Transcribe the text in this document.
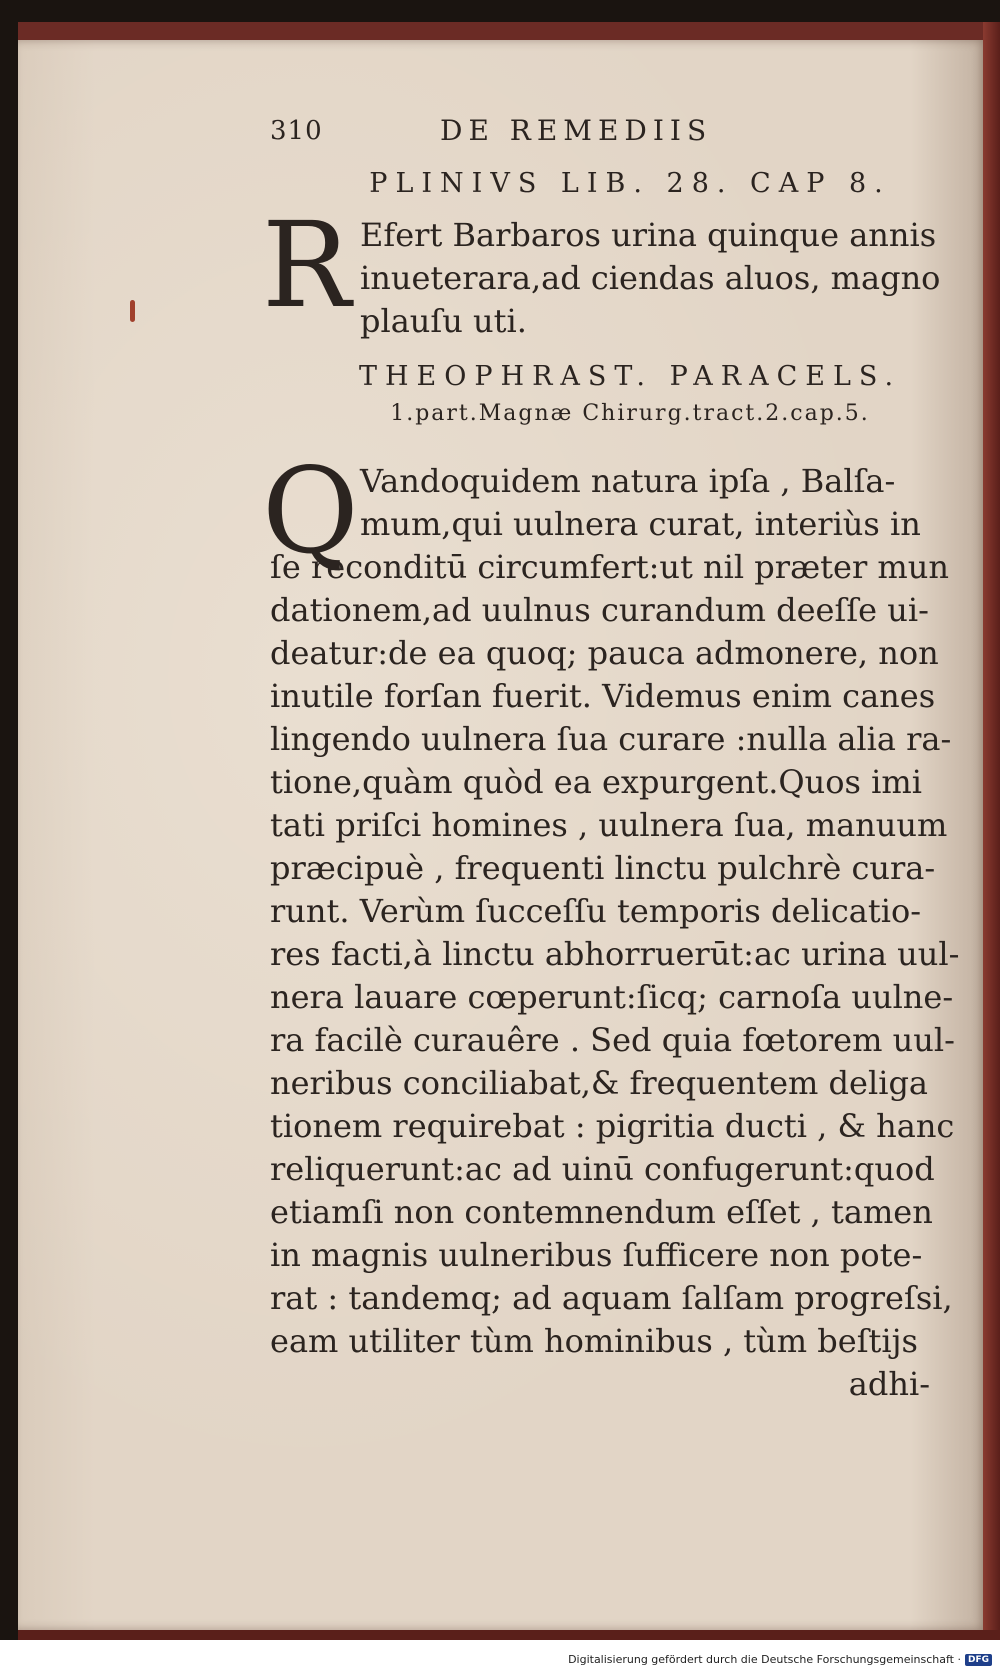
310	DE REMEDIIS
PLINIVS LIB. 28. CAP 8.
R Efert Barbaros urina quinque annis
inueterara,ad ciendas aluos, magno
plauſu uti.
THEOPHRAST. PARACELS.
1.part.Magnæ Chirurg.tract.2.cap.5.
Q Vandoquidem natura ipſa , Balſa-
mum,qui uulnera curat, interiùs in
ſe reconditū circumfert:ut nil præter mun
dationem,ad uulnus curandum deeſſe ui-
deatur:de ea quoq; pauca admonere, non
inutile forſan fuerit. Videmus enim canes
lingendo uulnera ſua curare :nulla alia ra-
tione,quàm quòd ea expurgent.Quos imi
tati priſci homines , uulnera ſua, manuum
præcipuè , frequenti linctu pulchrè cura-
runt. Verùm ſucceſſu temporis delicatio-
res facti,à linctu abhorruerūt:ac urina uul-
nera lauare cœperunt:ſicq; carnoſa uulne-
ra facilè curauêre . Sed quia fœtorem uul-
neribus conciliabat,& frequentem deliga
tionem requirebat : pigritia ducti , & hanc
reliquerunt:ac ad uinū confugerunt:quod
etiamſi non contemnendum eſſet , tamen
in magnis uulneribus ſufficere non pote-
rat : tandemq; ad aquam ſalſam progreſsi,
eam utiliter tùm hominibus , tùm beſtijs
adhi-
Digitalisierung gefördert durch die Deutsche Forschungsgemeinschaft · DFG
